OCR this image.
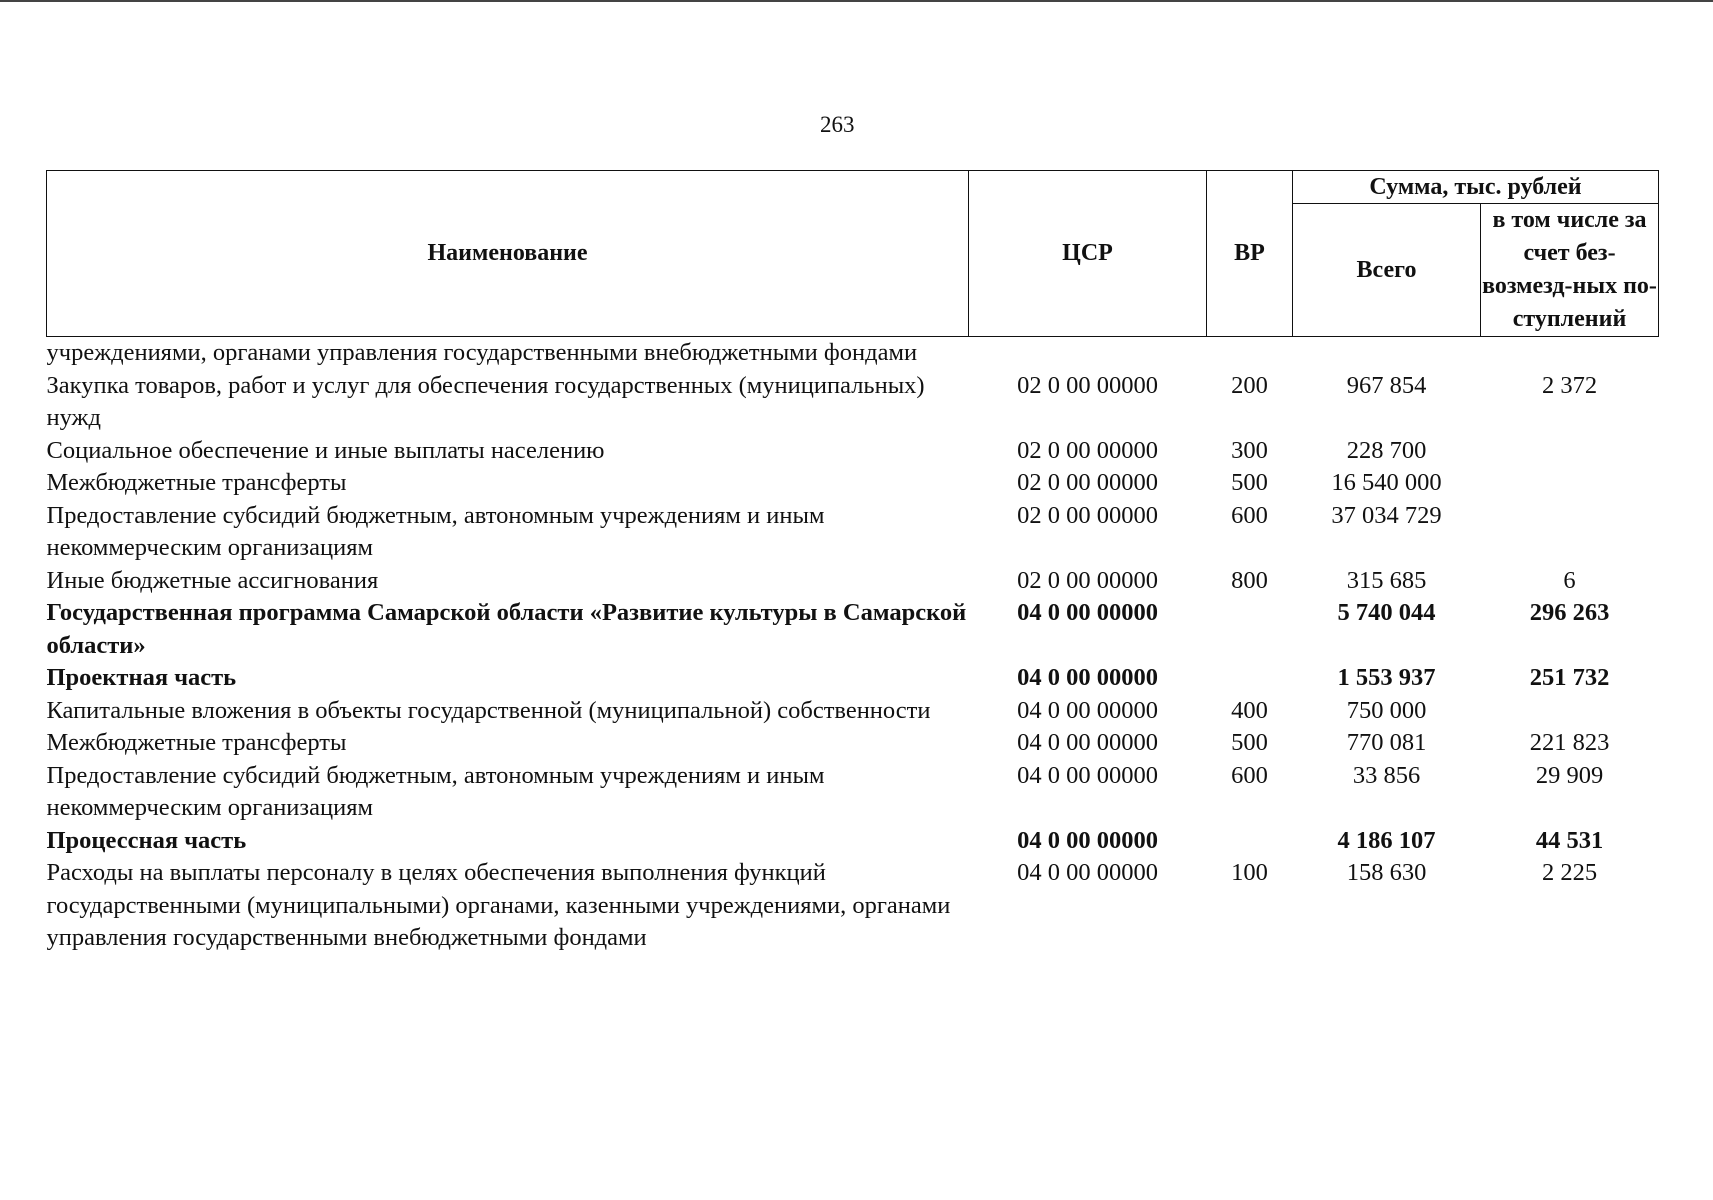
263
Наименование	ЦСР	ВР	Сумма, тыс. рублей	
			Всего	в том числе за счет без-возмезд-ных по-ступлений
учреждениями, органами управления государственными внебюджетными фондами				
Закупка товаров, работ и услуг для обеспечения государственных (муниципальных) нужд	02 0 00 00000	200	967 854	2 372
Социальное обеспечение и иные выплаты населению	02 0 00 00000	300	228 700	
Межбюджетные трансферты	02 0 00 00000	500	16 540 000	
Предоставление субсидий бюджетным, автономным учреждениям и иным некоммерческим организациям	02 0 00 00000	600	37 034 729	
Иные бюджетные ассигнования	02 0 00 00000	800	315 685	6
Государственная программа Самарской области «Развитие культуры в Самарской области»	04 0 00 00000		5 740 044	296 263
Проектная часть	04 0 00 00000		1 553 937	251 732
Капитальные вложения в объекты государственной (муниципальной) собственности	04 0 00 00000	400	750 000	
Межбюджетные трансферты	04 0 00 00000	500	770 081	221 823
Предоставление субсидий бюджетным, автономным учреждениям и иным некоммерческим организациям	04 0 00 00000	600	33 856	29 909
Процессная часть	04 0 00 00000		4 186 107	44 531
Расходы на выплаты персоналу в целях обеспечения выполнения функций государственными (муниципальными) органами, казенными учреждениями, органами управления государственными внебюджетными фондами	04 0 00 00000	100	158 630	2 225
